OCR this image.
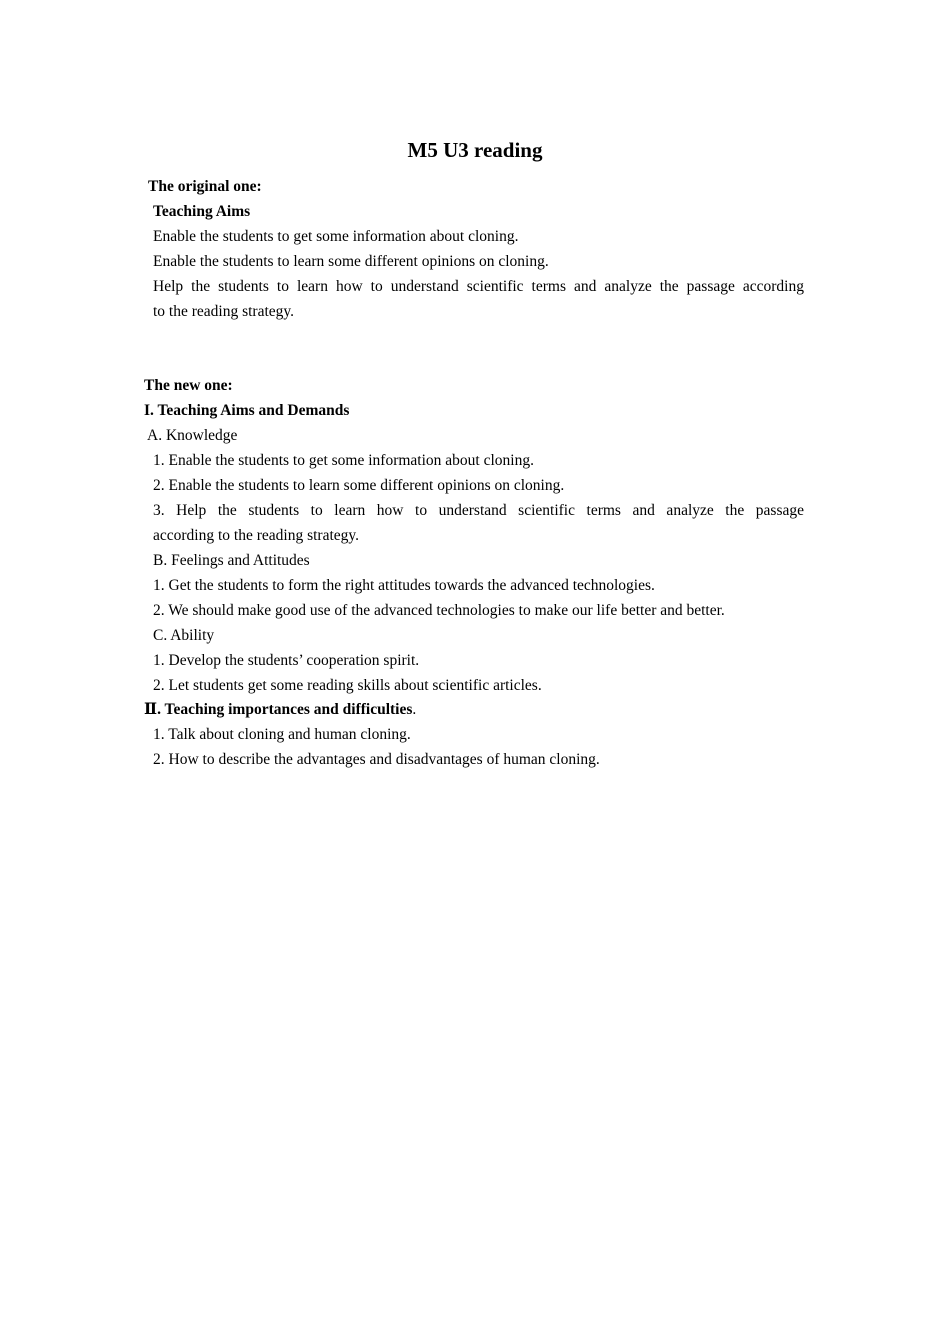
M5 U3 reading
The original one:
Teaching Aims
Enable the students to get some information about cloning.
Enable the students to learn some different opinions on cloning.
Help the students to learn how to understand scientific terms and analyze the passage according
to the reading strategy.
The new one:
I. Teaching Aims and Demands
A. Knowledge
1. Enable the students to get some information about cloning.
2. Enable the students to learn some different opinions on cloning.
3. Help the students to learn how to understand scientific terms and analyze the passage
according to the reading strategy.
B. Feelings and Attitudes
1. Get the students to form the right attitudes towards the advanced technologies.
2. We should make good use of the advanced technologies to make our life better and better.
C. Ability
1. Develop the students’ cooperation spirit.
2. Let students get some reading skills about scientific articles.
Ⅱ. Teaching importances and difficulties.
1. Talk about cloning and human cloning.
2. How to describe the advantages and disadvantages of human cloning.
